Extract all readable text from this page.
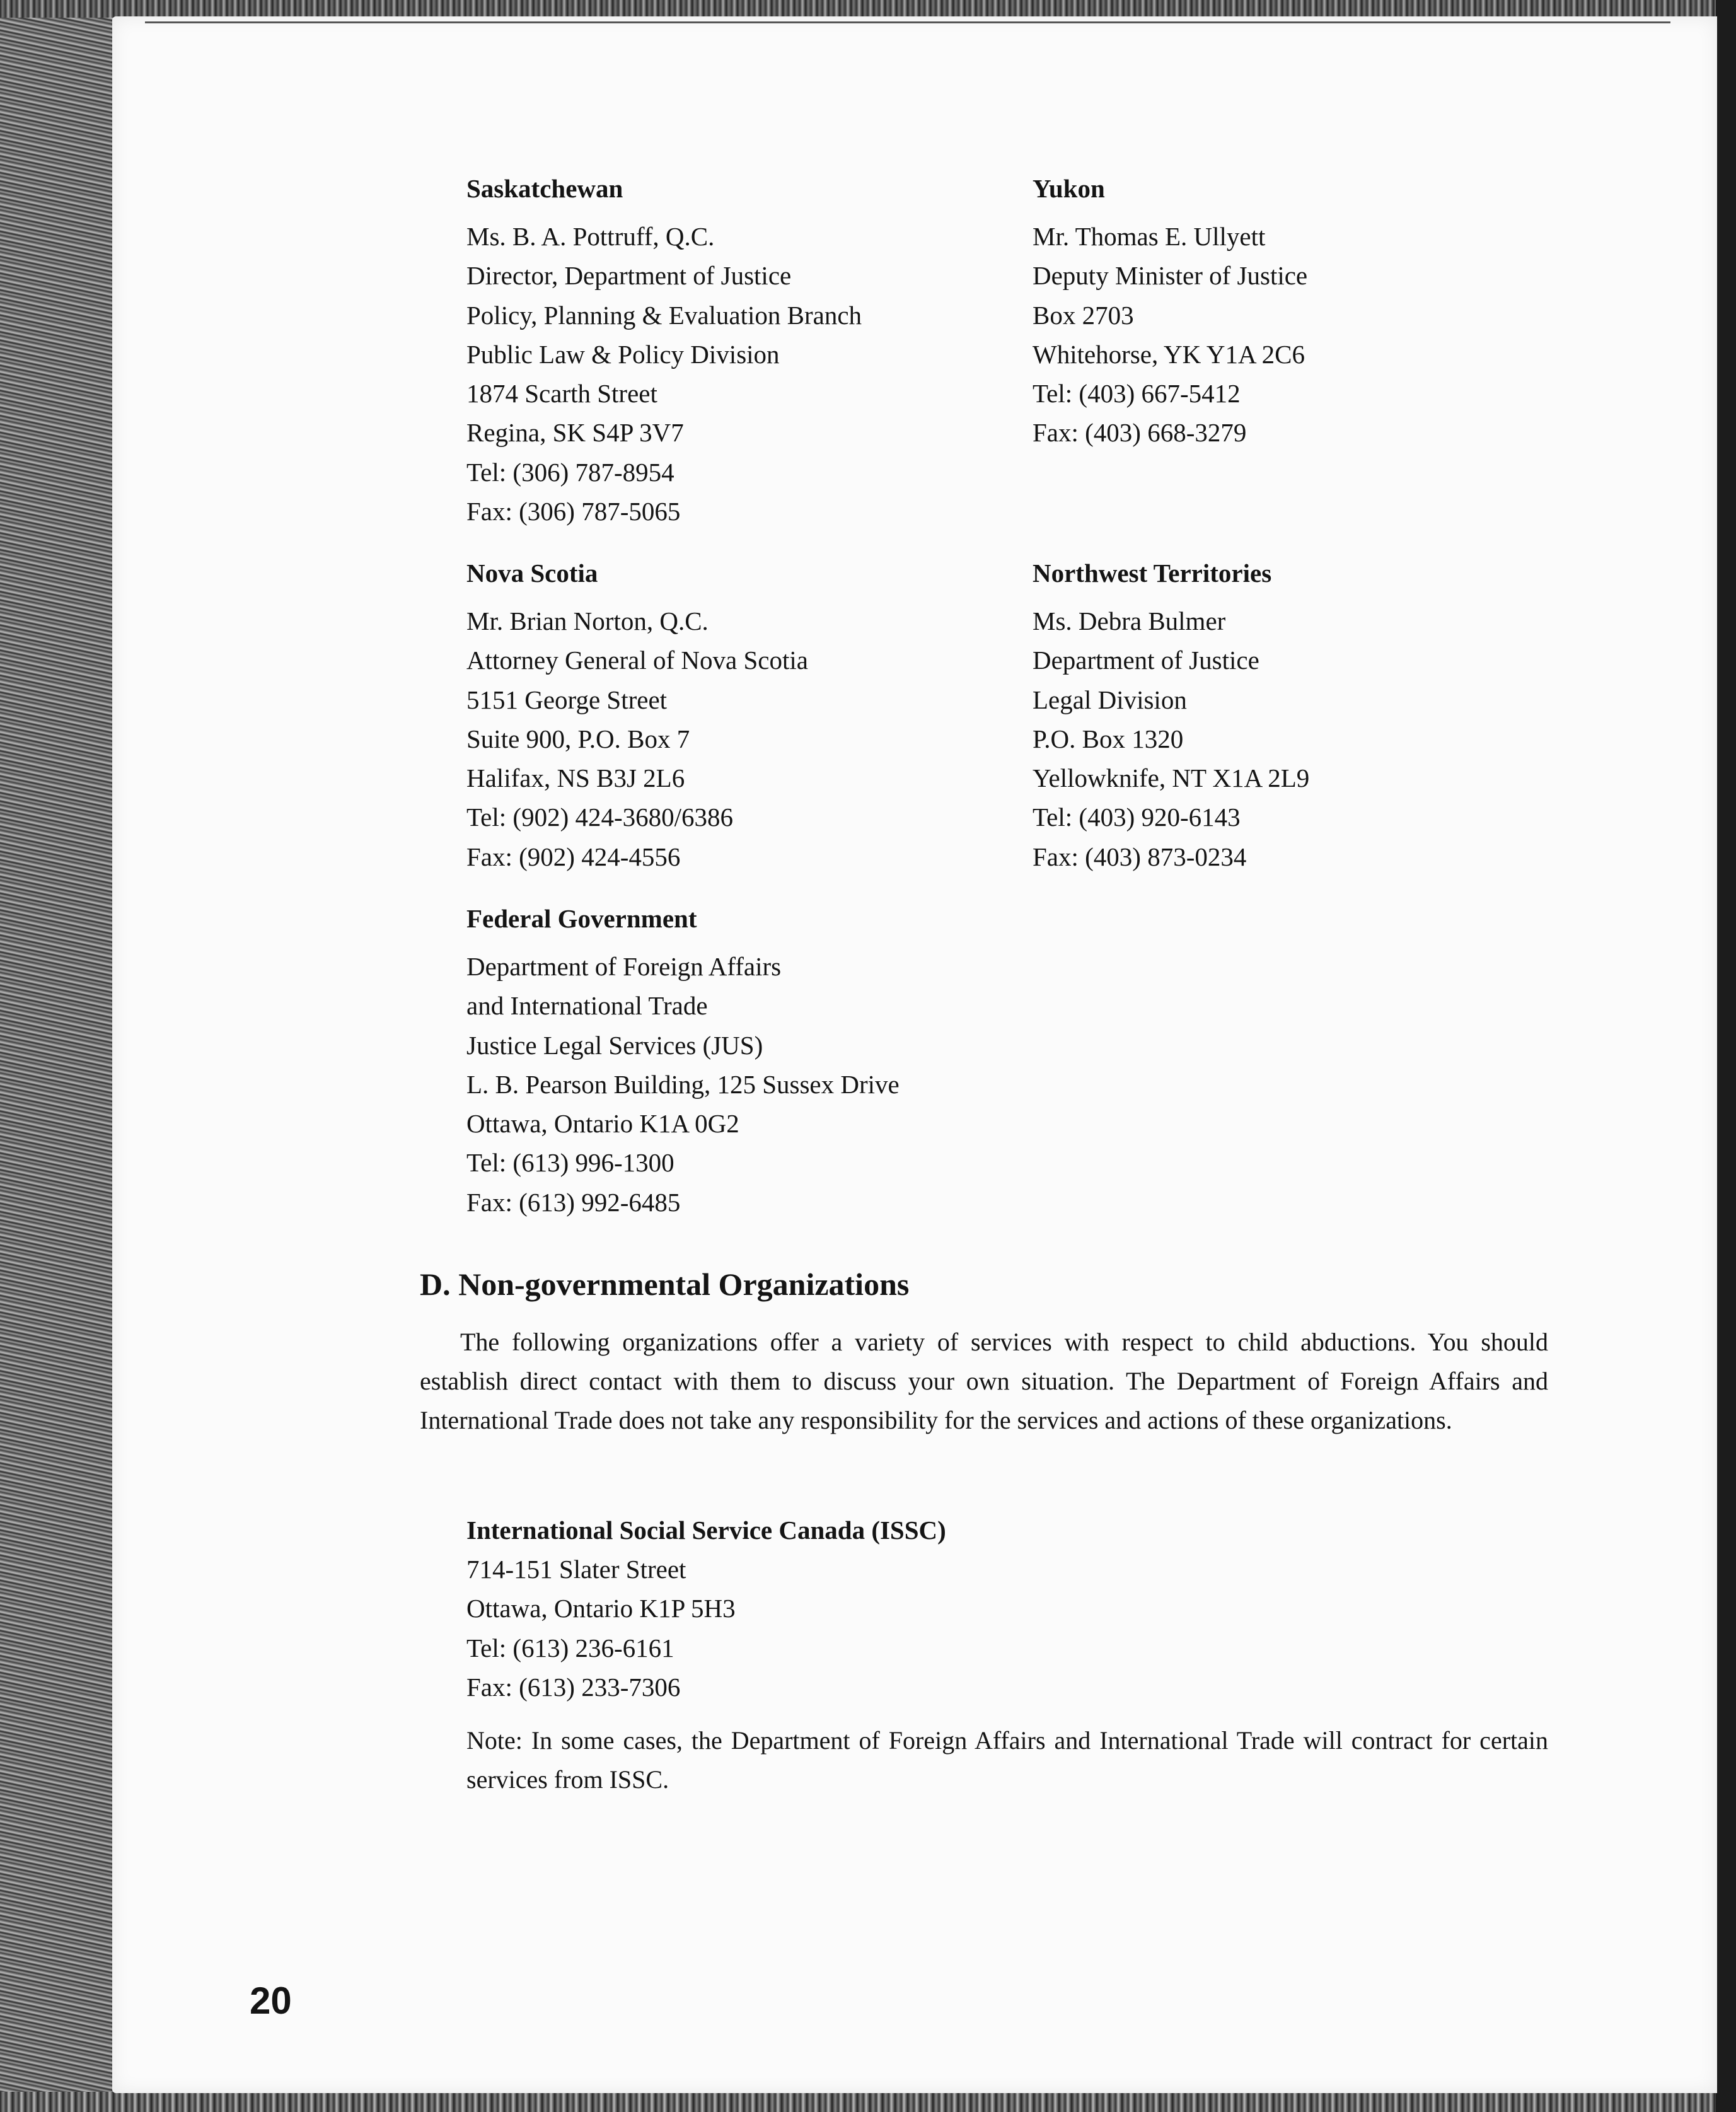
Saskatchewan
Ms. B. A. Pottruff, Q.C.
Director, Department of Justice
Policy, Planning & Evaluation Branch
Public Law & Policy Division
1874 Scarth Street
Regina, SK S4P 3V7
Tel: (306) 787-8954
Fax: (306) 787-5065
Yukon
Mr. Thomas E. Ullyett
Deputy Minister of Justice
Box 2703
Whitehorse, YK Y1A 2C6
Tel: (403) 667-5412
Fax: (403) 668-3279
Nova Scotia
Mr. Brian Norton, Q.C.
Attorney General of Nova Scotia
5151 George Street
Suite 900, P.O. Box 7
Halifax, NS B3J 2L6
Tel: (902) 424-3680/6386
Fax: (902) 424-4556
Northwest Territories
Ms. Debra Bulmer
Department of Justice
Legal Division
P.O. Box 1320
Yellowknife, NT X1A 2L9
Tel: (403) 920-6143
Fax: (403) 873-0234
Federal Government
Department of Foreign Affairs
and International Trade
Justice Legal Services (JUS)
L. B. Pearson Building, 125 Sussex Drive
Ottawa, Ontario K1A 0G2
Tel: (613) 996-1300
Fax: (613) 992-6485
D. Non-governmental Organizations
The following organizations offer a variety of services with respect to child abductions. You should establish direct contact with them to discuss your own situation. The Department of Foreign Affairs and International Trade does not take any responsibility for the services and actions of these organizations.
International Social Service Canada (ISSC)
714-151 Slater Street
Ottawa, Ontario K1P 5H3
Tel: (613) 236-6161
Fax: (613) 233-7306
Note: In some cases, the Department of Foreign Affairs and International Trade will contract for certain services from ISSC.
20
